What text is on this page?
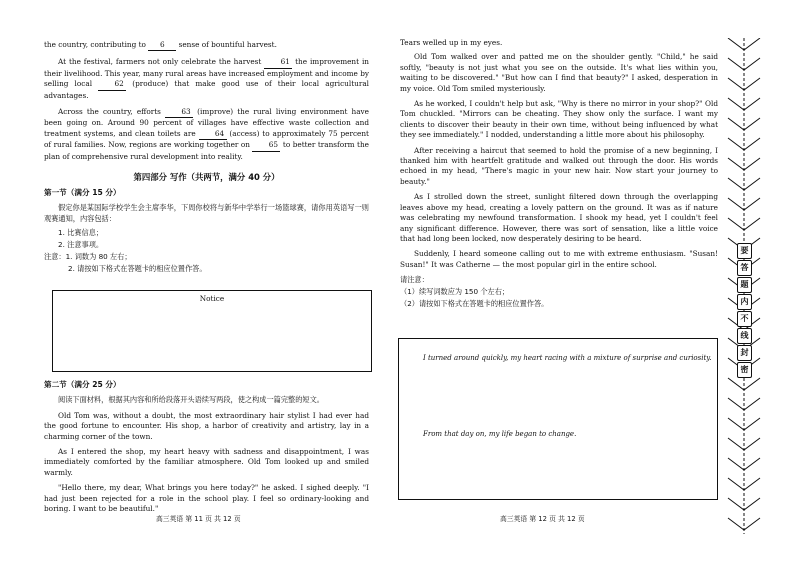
the country, contributing to 6 sense of bountiful harvest.

At the festival, farmers not only celebrate the harvest 61 the improvement in their livelihood. This year, many rural areas have increased employment and income by selling local 62 (produce) that make good use of their local agricultural advantages.

Across the country, efforts 63 (improve) the rural living environment have been going on. Around 90 percent of villages have effective waste collection and treatment systems, and clean toilets are 64 (access) to approximately 75 percent of rural families. Now, regions are working together on 65 to better transform the plan of comprehensive rural development into reality.

第四部分 写作（共两节，满分 40 分）
第一节（满分 15 分）

假定你是某国际学校学生会主席李华，下周你校将与新华中学举行一场篮球赛，请你用英语写一则观赛通知，内容包括：

1. 比赛信息；
2. 注意事项。
注意：1. 词数为 80 左右；
2. 请按如下格式在答题卡的相应位置作答。
Notice
第二节（满分 25 分）

阅读下面材料，根据其内容和所给段落开头语续写两段，使之构成一篇完整的短文。

Old Tom was, without a doubt, the most extraordinary hair stylist I had ever had the good fortune to encounter. His shop, a harbor of creativity and artistry, lay in a charming corner of the town.

As I entered the shop, my heart heavy with sadness and disappointment, I was immediately comforted by the familiar atmosphere. Old Tom looked up and smiled warmly.

"Hello there, my dear, What brings you here today?" he asked. I sighed deeply. "I had just been rejected for a role in the school play. I feel so ordinary-looking and boring. I want to be beautiful."

高三英语 第 11 页 共 12 页

Tears welled up in my eyes.

Old Tom walked over and patted me on the shoulder gently. "Child," he said softly, "beauty is not just what you see on the outside. It's what lies within you, waiting to be discovered." "But how can I find that beauty?" I asked, desperation in my voice. Old Tom smiled mysteriously.

As he worked, I couldn't help but ask, "Why is there no mirror in your shop?" Old Tom chuckled. "Mirrors can be cheating. They show only the surface. I want my clients to discover their beauty in their own time, without being influenced by what they see immediately." I nodded, understanding a little more about his philosophy.

After receiving a haircut that seemed to hold the promise of a new beginning, I thanked him with heartfelt gratitude and walked out through the door. His words echoed in my head, "There's magic in your new hair. Now start your journey to beauty."

As I strolled down the street, sunlight filtered down through the overlapping leaves above my head, creating a lovely pattern on the ground. It was as if nature was celebrating my newfound transformation. I shook my head, yet I couldn't feel any significant difference. However, there was sort of sensation, like a little voice that had long been locked, now desperately desiring to be heard.

Suddenly, I heard someone calling out to me with extreme enthusiasm. "Susan! Susan!" It was Catherne — the most popular girl in the entire school.

请注意：
（1）续写词数应为 150 个左右；
（2）请按如下格式在答题卡的相应位置作答。
I turned around quickly, my heart racing with a mixture of surprise and curiosity.
From that day on, my life began to change.
高三英语 第 12 页 共 12 页
要
答
题
内
不
线
封
密
